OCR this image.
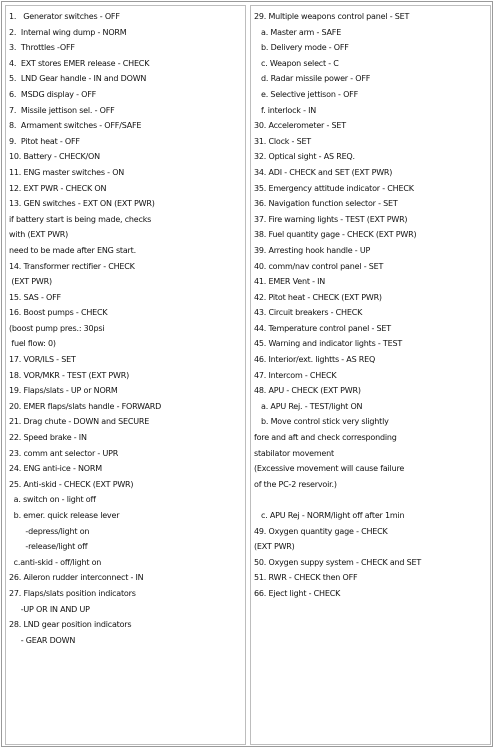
1.   Generator switches - OFF
2.  Internal wing dump - NORM
3.  Throttles -OFF
4.  EXT stores EMER release - CHECK
5.  LND Gear handle - IN and DOWN
6.  MSDG display - OFF
7.  Missile jettison sel. - OFF
8.  Armament switches - OFF/SAFE
9.  Pitot heat - OFF
10. Battery - CHECK/ON
11. ENG master switches - ON
12. EXT PWR - CHECK ON
13. GEN switches - EXT ON (EXT PWR)
if battery start is being made, checks
with (EXT PWR)
need to be made after ENG start.
14. Transformer rectifier - CHECK
(EXT PWR)
15. SAS - OFF
16. Boost pumps - CHECK
(boost pump pres.: 30psi
fuel flow: 0)
17. VOR/ILS - SET
18. VOR/MKR - TEST (EXT PWR)
19. Flaps/slats - UP or NORM
20. EMER flaps/slats handle - FORWARD
21. Drag chute - DOWN and SECURE
22. Speed brake - IN
23. comm ant selector - UPR
24. ENG anti-ice - NORM
25. Anti-skid - CHECK (EXT PWR)
a. switch on - light off
b. emer. quick release lever
-depress/light on
-release/light off
c.anti-skid - off/light on
26. Aileron rudder interconnect - IN
27. Flaps/slats position indicators
-UP OR IN AND UP
28. LND gear position indicators
- GEAR DOWN
29. Multiple weapons control panel - SET
a. Master arm - SAFE
b. Delivery mode - OFF
c. Weapon select - C
d. Radar missile power - OFF
e. Selective jettison - OFF
f. interlock - IN
30. Accelerometer - SET
31. Clock - SET
32. Optical sight - AS REQ.
34. ADI - CHECK and SET (EXT PWR)
35. Emergency attitude indicator - CHECK
36. Navigation function selector - SET
37. Fire warning lights - TEST (EXT PWR)
38. Fuel quantity gage - CHECK (EXT PWR)
39. Arresting hook handle - UP
40. comm/nav control panel - SET
41. EMER Vent - IN
42. Pitot heat - CHECK (EXT PWR)
43. Circuit breakers - CHECK
44. Temperature control panel - SET
45. Warning and indicator lights - TEST
46. Interior/ext. lightts - AS REQ
47. Intercom - CHECK
48. APU - CHECK (EXT PWR)
a. APU Rej. - TEST/light ON
b. Move control stick very slightly
fore and aft and check corresponding
stabilator movement
(Excessive movement will cause failure
of the PC-2 reservoir.)
c. APU Rej - NORM/light off after 1min
49. Oxygen quantity gage - CHECK
(EXT PWR)
50. Oxygen suppy system - CHECK and SET
51. RWR - CHECK then OFF
66. Eject light - CHECK
